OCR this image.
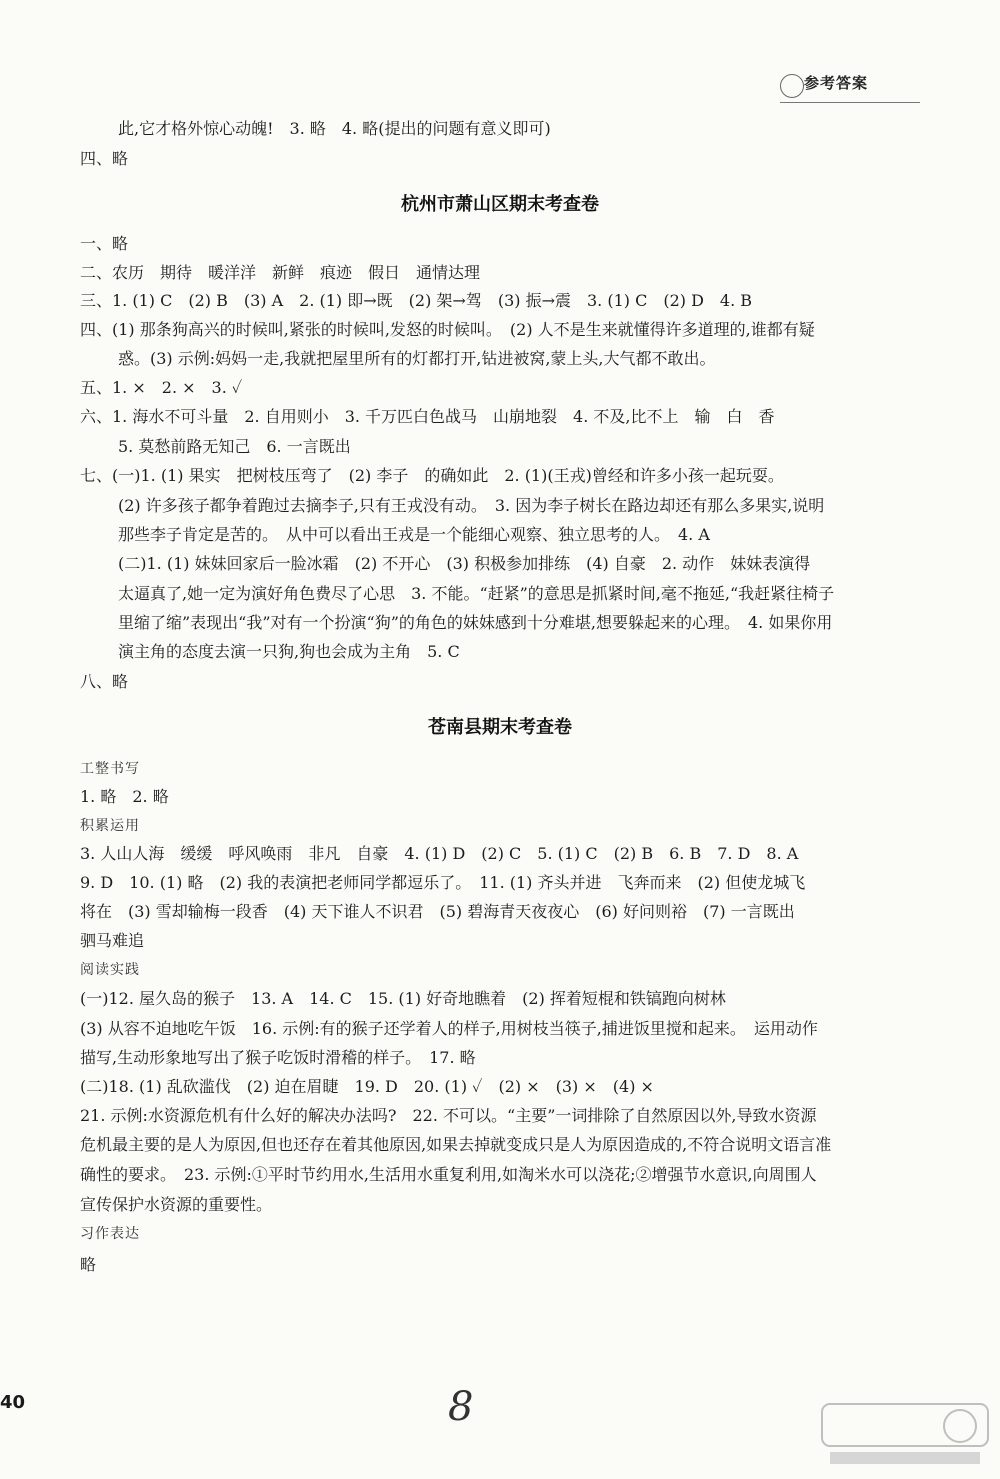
参考答案
此,它才格外惊心动魄!　3. 略　4. 略(提出的问题有意义即可)
四、略
杭州市萧山区期末考查卷
一、略
二、农历　期待　暖洋洋　新鲜　痕迹　假日　通情达理
三、1. (1) C　(2) B　(3) A　2. (1) 即→既　(2) 架→驾　(3) 振→震　3. (1) C　(2) D　4. B
四、(1) 那条狗高兴的时候叫,紧张的时候叫,发怒的时候叫。　(2) 人不是生来就懂得许多道理的,谁都有疑
惑。(3) 示例:妈妈一走,我就把屋里所有的灯都打开,钻进被窝,蒙上头,大气都不敢出。
五、1. ×　2. ×　3. ✓
六、1. 海水不可斗量　2. 自用则小　3. 千万匹白色战马　山崩地裂　4. 不及,比不上　输　白　香
5. 莫愁前路无知己　6. 一言既出
七、(一)1. (1) 果实　把树枝压弯了　(2) 李子　的确如此　2. (1)(王戎)曾经和许多小孩一起玩耍。
(2) 许多孩子都争着跑过去摘李子,只有王戎没有动。　3. 因为李子树长在路边却还有那么多果实,说明
那些李子肯定是苦的。　从中可以看出王戎是一个能细心观察、独立思考的人。　4. A
(二)1. (1) 妹妹回家后一脸冰霜　(2) 不开心　(3) 积极参加排练　(4) 自豪　2. 动作　妹妹表演得
太逼真了,她一定为演好角色费尽了心思　3. 不能。“赶紧”的意思是抓紧时间,毫不拖延,“我赶紧往椅子
里缩了缩”表现出“我”对有一个扮演“狗”的角色的妹妹感到十分难堪,想要躲起来的心理。　4. 如果你用
演主角的态度去演一只狗,狗也会成为主角　5. C
八、略
苍南县期末考查卷
工整书写
1. 略　2. 略
积累运用
3. 人山人海　缓缓　呼风唤雨　非凡　自豪　4. (1) D　(2) C　5. (1) C　(2) B　6. B　7. D　8. A
9. D　10. (1) 略　(2) 我的表演把老师同学都逗乐了。　11. (1) 齐头并进　飞奔而来　(2) 但使龙城飞
将在　(3) 雪却输梅一段香　(4) 天下谁人不识君　(5) 碧海青天夜夜心　(6) 好问则裕　(7) 一言既出
驷马难追
阅读实践
(一)12. 屋久岛的猴子　13. A　14. C　15. (1) 好奇地瞧着　(2) 挥着短棍和铁镐跑向树林
(3) 从容不迫地吃午饭　16. 示例:有的猴子还学着人的样子,用树枝当筷子,捕进饭里搅和起来。　运用动作
描写,生动形象地写出了猴子吃饭时滑稽的样子。　17. 略
(二)18. (1) 乱砍滥伐　(2) 迫在眉睫　19. D　20. (1) ✓　(2) ×　(3) ×　(4) ×
21. 示例:水资源危机有什么好的解决办法吗?　22. 不可以。“主要”一词排除了自然原因以外,导致水资源
危机最主要的是人为原因,但也还存在着其他原因,如果去掉就变成只是人为原因造成的,不符合说明文语言准
确性的要求。　23. 示例:①平时节约用水,生活用水重复利用,如淘米水可以浇花;②增强节水意识,向周围人
宣传保护水资源的重要性。
习作表达
略
40	8
